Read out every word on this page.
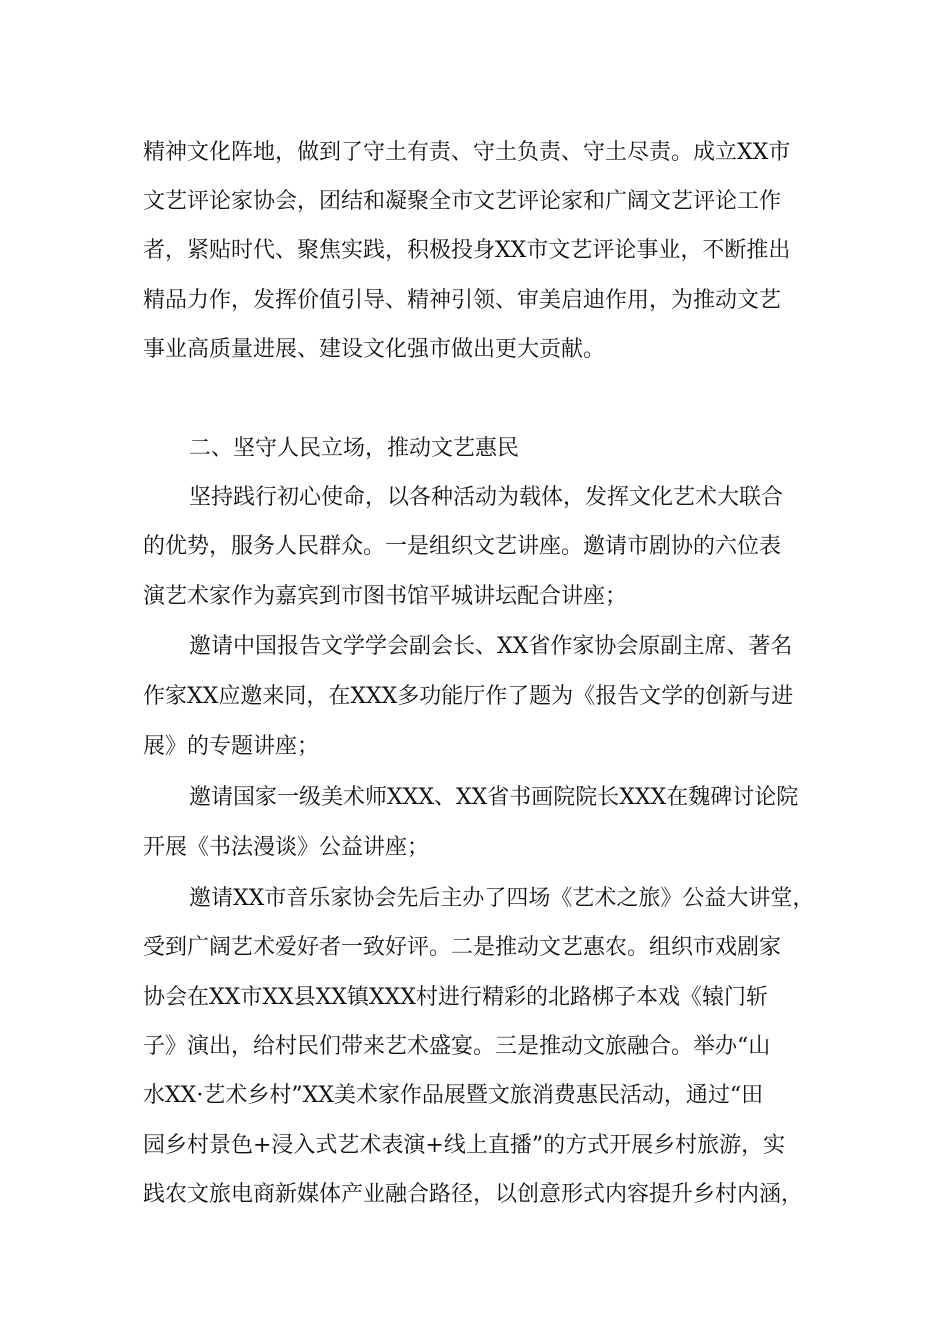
精神文化阵地，做到了守土有责、守土负责、守土尽责。成立XX市
文艺评论家协会，团结和凝聚全市文艺评论家和广阔文艺评论工作
者，紧贴时代、聚焦实践，积极投身XX市文艺评论事业，不断推出
精品力作，发挥价值引导、精神引领、审美启迪作用，为推动文艺
事业高质量进展、建设文化强市做出更大贡献。
二、坚守人民立场，推动文艺惠民
坚持践行初心使命，以各种活动为载体，发挥文化艺术大联合
的优势，服务人民群众。一是组织文艺讲座。邀请市剧协的六位表
演艺术家作为嘉宾到市图书馆平城讲坛配合讲座；
邀请中国报告文学学会副会长、XX省作家协会原副主席、著名
作家XX应邀来同，在XXX多功能厅作了题为《报告文学的创新与进
展》的专题讲座；
邀请国家一级美术师XXX、XX省书画院院长XXX在魏碑讨论院
开展《书法漫谈》公益讲座；
邀请XX市音乐家协会先后主办了四场《艺术之旅》公益大讲堂，
受到广阔艺术爱好者一致好评。二是推动文艺惠农。组织市戏剧家
协会在XX市XX县XX镇XXX村进行精彩的北路梆子本戏《辕门斩
子》演出，给村民们带来艺术盛宴。三是推动文旅融合。举办“山
水XX·艺术乡村”XX美术家作品展暨文旅消费惠民活动，通过“田
园乡村景色+浸入式艺术表演+线上直播”的方式开展乡村旅游，实
践农文旅电商新媒体产业融合路径，以创意形式内容提升乡村内涵，
